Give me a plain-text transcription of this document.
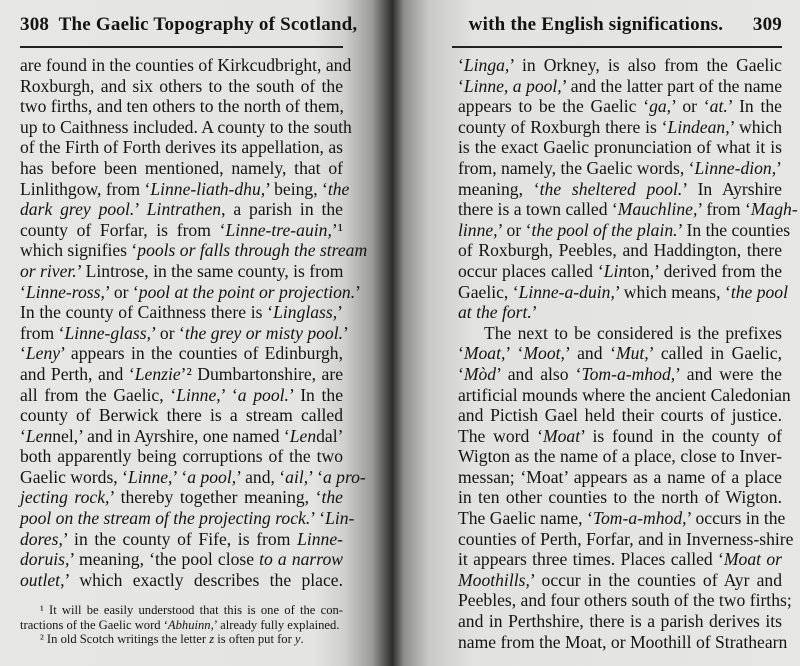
308 The Gaelic Topography of Scotland,
are found in the counties of Kirkcudbright, and
Roxburgh, and six others to the south of the
two firths, and ten others to the north of them,
up to Caithness included. A county to the south
of the Firth of Forth derives its appellation, as
has before been mentioned, namely, that of
Linlithgow, from ‘Linne-liath-dhu,’ being, ‘the
dark grey pool.’ Lintrathen, a parish in the
county of Forfar, is from ‘Linne-tre-auin,’¹
which signifies ‘pools or falls through the stream
or river.’ Lintrose, in the same county, is from
‘Linne-ross,’ or ‘pool at the point or projection.’
In the county of Caithness there is ‘Linglass,’
from ‘Linne-glass,’ or ‘the grey or misty pool.’
‘Leny’ appears in the counties of Edinburgh,
and Perth, and ‘Lenzie’² Dumbartonshire, are
all from the Gaelic, ‘Linne,’ ‘a pool.’ In the
county of Berwick there is a stream called
‘Lennel,’ and in Ayrshire, one named ‘Lendal’
both apparently being corruptions of the two
Gaelic words, ‘Linne,’ ‘a pool,’ and, ‘ail,’ ‘a pro-
jecting rock,’ thereby together meaning, ‘the
pool on the stream of the projecting rock.’ ‘Lin-
dores,’ in the county of Fife, is from Linne-
doruis,’ meaning, ‘the pool close to a narrow
outlet,’ which exactly describes the place.
¹ It will be easily understood that this is one of the con-
tractions of the Gaelic word ‘Abhuinn,’ already fully explained.
² In old Scotch writings the letter z is often put for y.
with the English significations. 309
‘Linga,’ in Orkney, is also from the Gaelic
‘Linne, a pool,’ and the latter part of the name
appears to be the Gaelic ‘ga,’ or ‘at.’ In the
county of Roxburgh there is ‘Lindean,’ which
is the exact Gaelic pronunciation of what it is
from, namely, the Gaelic words, ‘Linne-dion,’
meaning, ‘the sheltered pool.’ In Ayrshire
there is a town called ‘Mauchline,’ from ‘Magh-
linne,’ or ‘the pool of the plain.’ In the counties
of Roxburgh, Peebles, and Haddington, there
occur places called ‘Linton,’ derived from the
Gaelic, ‘Linne-a-duin,’ which means, ‘the pool
at the fort.’
The next to be considered is the prefixes
‘Moat,’ ‘Moot,’ and ‘Mut,’ called in Gaelic,
‘Mòd’ and also ‘Tom-a-mhod,’ and were the
artificial mounds where the ancient Caledonian
and Pictish Gael held their courts of justice.
The word ‘Moat’ is found in the county of
Wigton as the name of a place, close to Inver-
messan; ‘Moat’ appears as a name of a place
in ten other counties to the north of Wigton.
The Gaelic name, ‘Tom-a-mhod,’ occurs in the
counties of Perth, Forfar, and in Inverness-shire
it appears three times. Places called ‘Moat or
Moothills,’ occur in the counties of Ayr and
Peebles, and four others south of the two firths;
and in Perthshire, there is a parish derives its
name from the Moat, or Moothill of Strathearn
